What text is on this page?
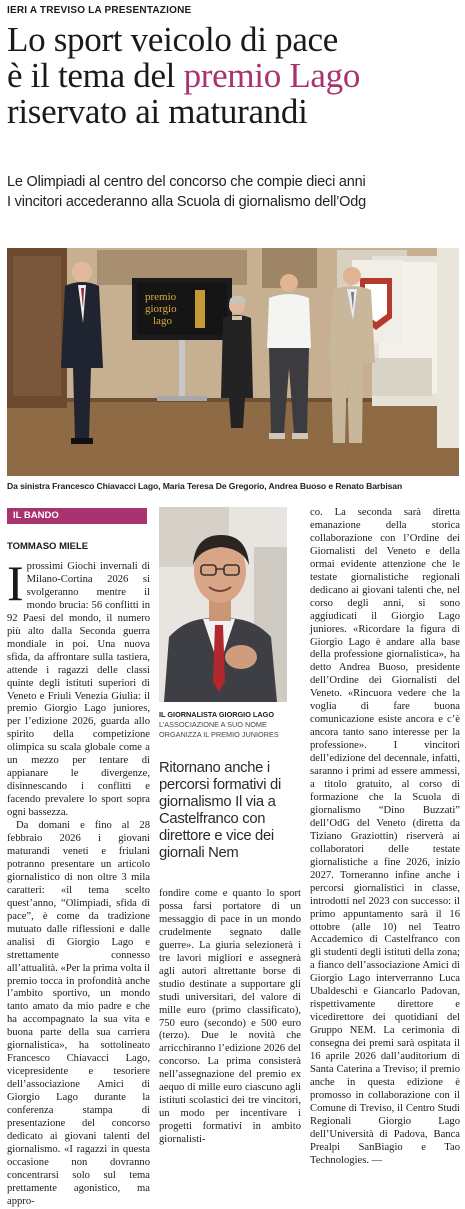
IERI A TREVISO LA PRESENTAZIONE
Lo sport veicolo di pace
è il tema del premio Lago
riservato ai maturandi
Le Olimpiadi al centro del concorso che compie dieci anni
I vincitori accederanno alla Scuola di giornalismo dell’Odg
premio
giorgio
lago
Da sinistra Francesco Chiavacci Lago, Maria Teresa De Gregorio, Andrea Buoso e Renato Barbisan
IL BANDO
TOMMASO MIELE

Iprossimi Giochi invernali di Milano-Cortina 2026 si svolgeranno mentre il mondo brucia: 56 conflitti in 92 Paesi del mondo, il numero più alto dalla Seconda guerra mondiale in poi. Una nuova sfida, da affrontare sulla tastiera, attende i ragazzi delle classi quinte degli istituti superiori di Veneto e Friuli Venezia Giulia: il premio Giorgio Lago juniores, per l’edizione 2026, guarda allo spirito della competizione olimpica su scala globale come a un mezzo per tentare di appianare le divergenze, disinnescando i conflitti e facendo prevalere lo sport sopra ogni bassezza.

Da domani e fino al 28 febbraio 2026 i giovani maturandi veneti e friulani potranno presentare un articolo giornalistico di non oltre 3 mila caratteri: «il tema scelto quest’anno, “Olimpiadi, sfida di pace”, è come da tradizione mutuato dalle riflessioni e dalle analisi di Giorgio Lago e strettamente connesso all’attualità. «Per la prima volta il premio tocca in profondità anche l’ambito sportivo, un mondo tanto amato da mio padre e che ha accompagnato la sua vita e buona parte della sua carriera giornalistica», ha sottolineato Francesco Chiavacci Lago, vicepresidente e tesoriere dell’associazione Amici di Giorgio Lago durante la conferenza stampa di presentazione del concorso dedicato ai giovani talenti del giornalismo. «I ragazzi in questa occasione non dovranno concentrarsi solo sul tema prettamente agonistico, ma appro-

IL GIORNALISTA GIORGIO LAGO
L’ASSOCIAZIONE A SUO NOME ORGANIZZA IL PREMIO JUNIORES
Ritornano anche i percorsi formativi di giornalismo Il via a Castelfranco con direttore e vice dei giornali Nem

fondire come e quanto lo sport possa farsi portatore di un messaggio di pace in un mondo crudelmente segnato dalle guerre». La giuria selezionerà i tre lavori migliori e assegnerà agli autori altrettante borse di studio destinate a supportare gli studi universitari, del valore di mille euro (primo classificato), 750 euro (secondo) e 500 euro (terzo). Due le novità che arricchiranno l’edizione 2026 del concorso. La prima consisterà nell’assegnazione del premio ex aequo di mille euro ciascuno agli istituti scolastici dei tre vincitori, un modo per incentivare i progetti formativi in ambito giornalisti-

co. La seconda sarà diretta emanazione della storica collaborazione con l’Ordine dei Giornalisti del Veneto e della ormai evidente attenzione che le testate giornalistiche regionali dedicano ai giovani talenti che, nel corso degli anni, si sono aggiudicati il Giorgio Lago juniores. «Ricordare la figura di Giorgio Lago è andare alla base della professione giornalistica», ha detto Andrea Buoso, presidente dell’Ordine dei Giornalisti del Veneto. «Rincuora vedere che la voglia di fare buona comunicazione esiste ancora e c’è ancora tanto sano interesse per la professione». I vincitori dell’edizione del decennale, infatti, saranno i primi ad essere ammessi, a titolo gratuito, al corso di formazione che la Scuola di giornalismo “Dino Buzzati” dell’OdG del Veneto (diretta da Tiziano Graziottin) riserverà ai collaboratori delle testate giornalistiche a fine 2026, inizio 2027. Torneranno infine anche i percorsi giornalistici in classe, introdotti nel 2023 con successo: il primo appuntamento sarà il 16 ottobre (alle 10) nel Teatro Accademico di Castelfranco con gli studenti degli istituti della zona; a fianco dell’associazione Amici di Giorgio Lago interverranno Luca Ubaldeschi e Giancarlo Padovan, rispettivamente direttore e vicedirettore dei quotidiani del Gruppo NEM. La cerimonia di consegna dei premi sarà ospitata il 16 aprile 2026 dall’auditorium di Santa Caterina a Treviso; il premio anche in questa edizione è promosso in collaborazione con il Comune di Treviso, il Centro Studi Regionali Giorgio Lago dell’Università di Padova, Banca Prealpi SanBiagio e Tao Technologies. —
